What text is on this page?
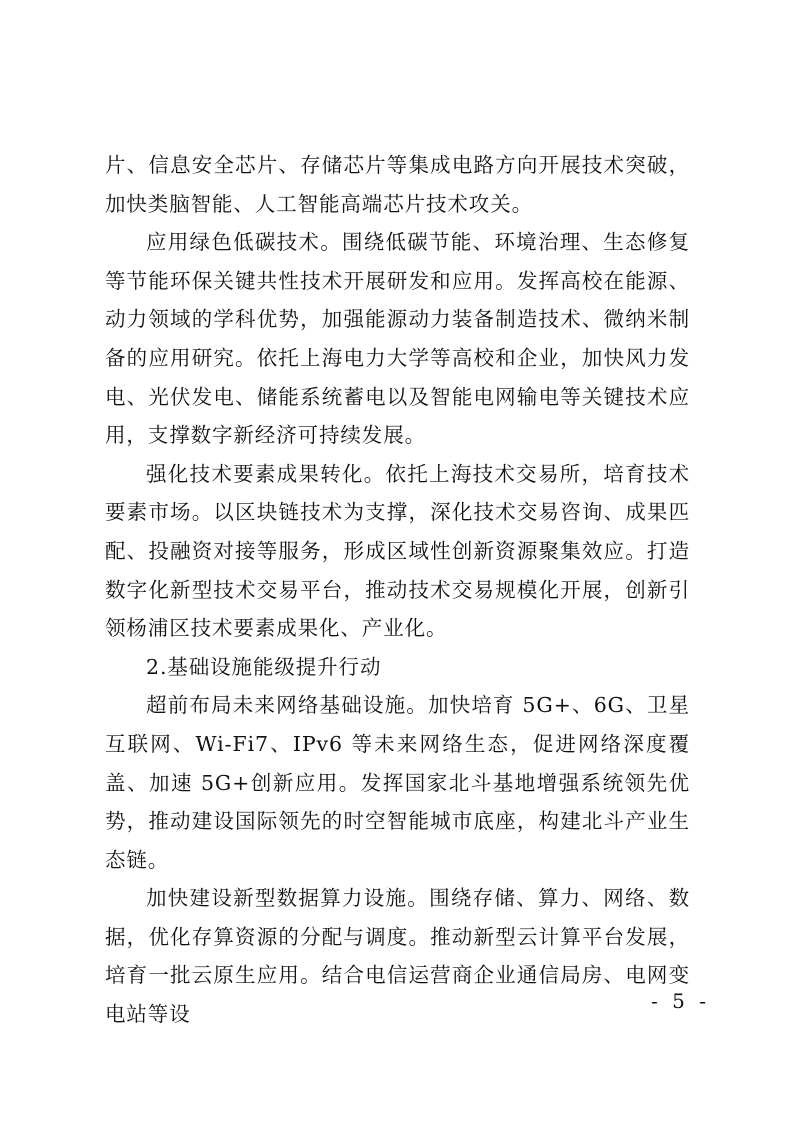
片、信息安全芯片、存储芯片等集成电路方向开展技术突破，加快类脑智能、人工智能高端芯片技术攻关。

应用绿色低碳技术。围绕低碳节能、环境治理、生态修复等节能环保关键共性技术开展研发和应用。发挥高校在能源、动力领域的学科优势，加强能源动力装备制造技术、微纳米制备的应用研究。依托上海电力大学等高校和企业，加快风力发电、光伏发电、储能系统蓄电以及智能电网输电等关键技术应用，支撑数字新经济可持续发展。

强化技术要素成果转化。依托上海技术交易所，培育技术要素市场。以区块链技术为支撑，深化技术交易咨询、成果匹配、投融资对接等服务，形成区域性创新资源聚集效应。打造数字化新型技术交易平台，推动技术交易规模化开展，创新引领杨浦区技术要素成果化、产业化。

2.基础设施能级提升行动

超前布局未来网络基础设施。加快培育 5G+、6G、卫星互联网、Wi-Fi7、IPv6 等未来网络生态，促进网络深度覆盖、加速 5G+创新应用。发挥国家北斗基地增强系统领先优势，推动建设国际领先的时空智能城市底座，构建北斗产业生态链。

加快建设新型数据算力设施。围绕存储、算力、网络、数据，优化存算资源的分配与调度。推动新型云计算平台发展，培育一批云原生应用。结合电信运营商企业通信局房、电网变电站等设

- 5 -
